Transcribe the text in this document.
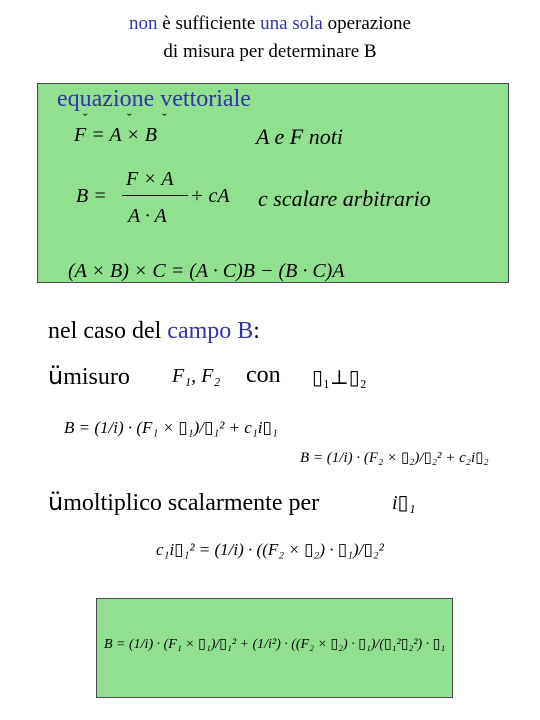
non è sufficiente una sola operazione
di misura per determinare B
equazione vettoriale
˘	˘ ˘
F = A × B	A e F noti
B =
F × A
A · A
+ cA c scalare arbitrario
(A × B) × C = (A · C)B − (B · C)A
nel caso del campo B:
ümisuro F₁, F₂ con ▯₁⊥▯₂
B = (1/i) · (F₁ × ▯₁)/▯₁² + c₁i▯₁
B = (1/i) · (F₂ × ▯₂)/▯₂² + c₂i▯₂
ümoltiplico scalarmente per	i▯₁
c₁i▯₁² = (1/i) · ((F₂ × ▯₂) · ▯₁)/▯₂²
B = (1/i) · (F₁ × ▯₁)/▯₁² + (1/i²) · ((F₂ × ▯₂) · ▯₁)/(▯₁²▯₂²) · ▯₁
